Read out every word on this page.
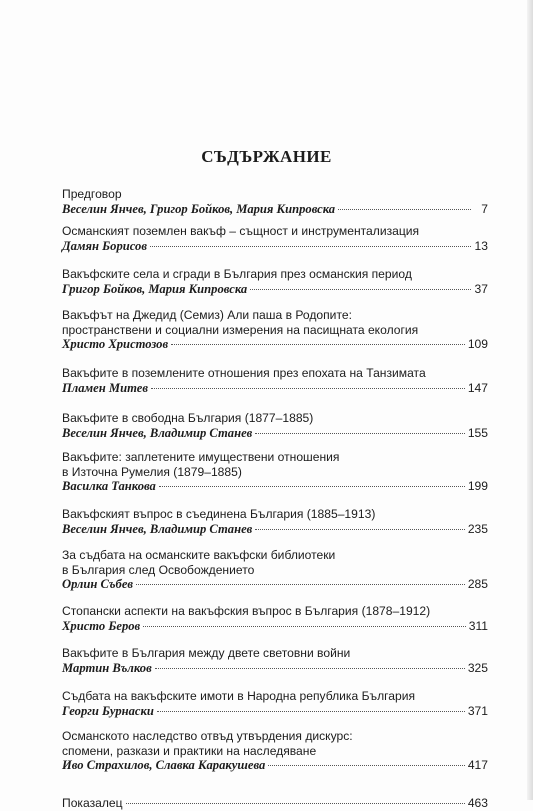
СЪДЪРЖАНИЕ
Предговор
Веселин Янчев, Григор Бойков, Мария Кипровска	7
Османският поземлен вакъф – същност и инструментализация
Дамян Борисов	13
Вакъфските села и сгради в България през османския период
Григор Бойков, Мария Кипровска	37
Вакъфът на Джедид (Семиз) Али паша в Родопите:
пространствени и социални измерения на пасищната екология
Христо Христозов	109
Вакъфите в поземлените отношения през епохата на Танзимата
Пламен Митев	147
Вакъфите в свободна България (1877–1885)
Веселин Янчев, Владимир Станев	155
Вакъфите: заплетените имуществени отношения
в Източна Румелия (1879–1885)
Василка Танкова	199
Вакъфският въпрос в съединена България (1885–1913)
Веселин Янчев, Владимир Станев	235
За съдбата на османските вакъфски библиотеки
в България след Освобождението
Орлин Събев	285
Стопански аспекти на вакъфския въпрос в България (1878–1912)
Христо Беров	311
Вакъфите в България между двете световни войни
Мартин Вълков	325
Съдбата на вакъфските имоти в Народна република България
Георги Бурнаски	371
Османското наследство отвъд утвърдения дискурс:
спомени, разкази и практики на наследяване
Иво Страхилов, Славка Каракушева	417
Показалец	463
